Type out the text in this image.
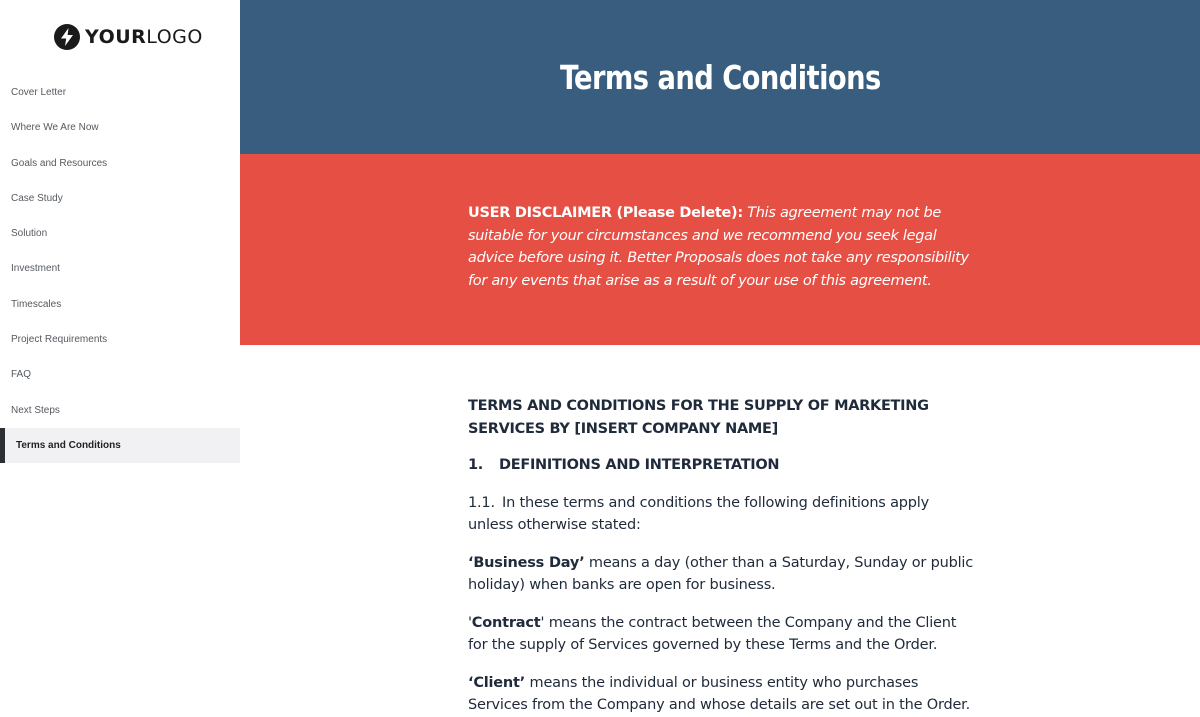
YOURLOGO
Cover Letter
Where We Are Now
Goals and Resources
Case Study
Solution
Investment
Timescales
Project Requirements
FAQ
Next Steps
Terms and Conditions
Terms and Conditions

USER DISCLAIMER (Please Delete): This agreement may not be suitable for your circumstances and we recommend you seek legal advice before using it. Better Proposals does not take any responsibility for any events that arise as a result of your use of this agreement.

TERMS AND CONDITIONS FOR THE SUPPLY OF MARKETING SERVICES BY [INSERT COMPANY NAME]

1. DEFINITIONS AND INTERPRETATION

1.1. In these terms and conditions the following definitions apply unless otherwise stated:

‘Business Day’ means a day (other than a Saturday, Sunday or public holiday) when banks are open for business.

'Contract' means the contract between the Company and the Client for the supply of Services governed by these Terms and the Order.

‘Client’ means the individual or business entity who purchases Services from the Company and whose details are set out in the Order.
